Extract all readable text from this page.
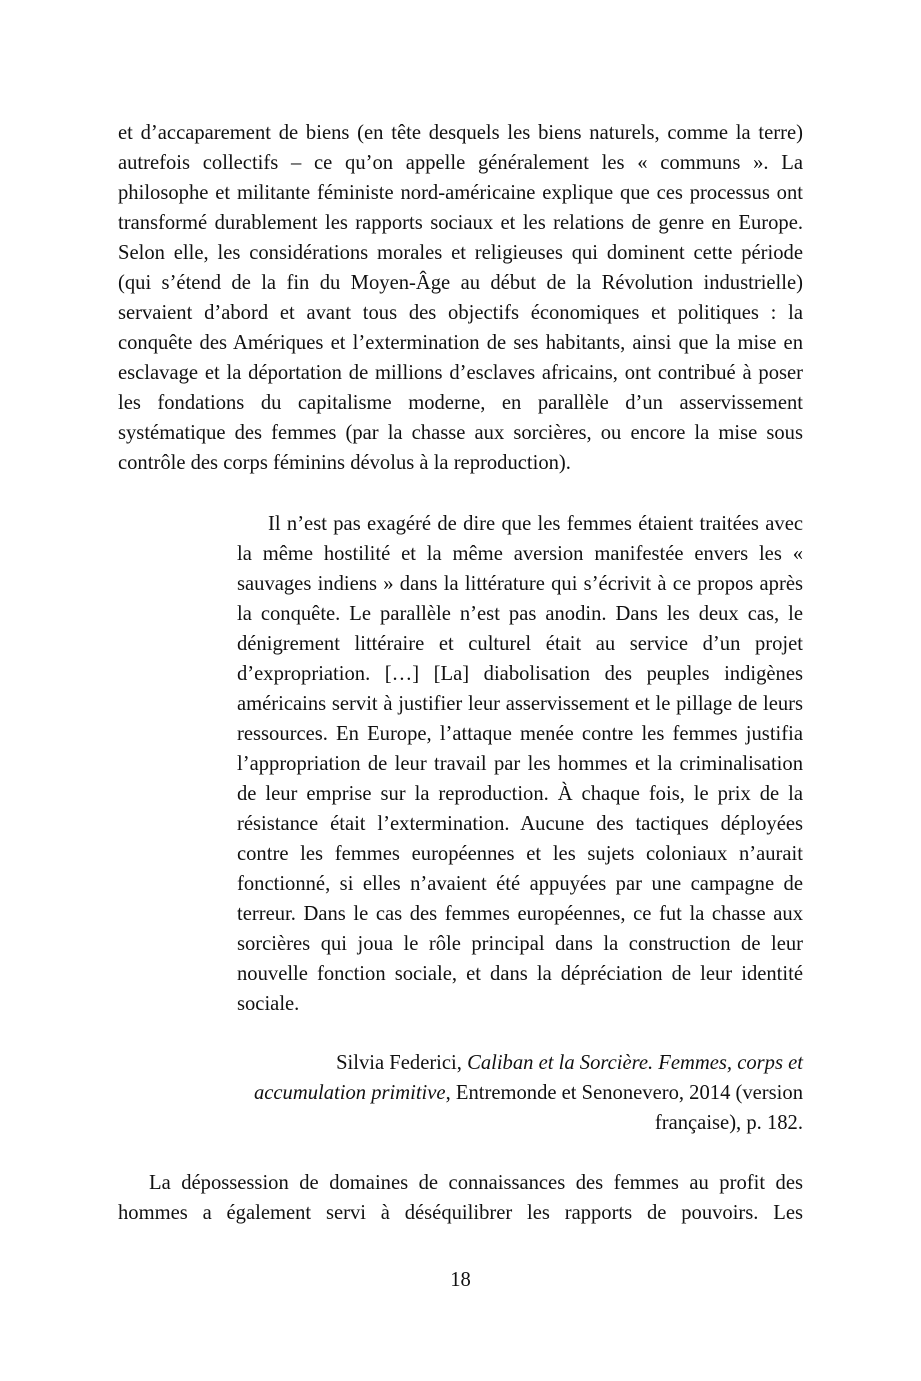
et d’accaparement de biens (en tête desquels les biens naturels, comme la terre) autrefois collectifs – ce qu’on appelle généralement les « communs ». La philosophe et militante féministe nord-américaine explique que ces processus ont transformé durablement les rapports sociaux et les relations de genre en Europe. Selon elle, les considérations morales et religieuses qui dominent cette période (qui s’étend de la fin du Moyen-Âge au début de la Révolution industrielle) servaient d’abord et avant tous des objectifs économiques et politiques : la conquête des Amériques et l’extermination de ses habitants, ainsi que la mise en esclavage et la déportation de millions d’esclaves africains, ont contribué à poser les fondations du capitalisme moderne, en parallèle d’un asservissement systématique des femmes (par la chasse aux sorcières, ou encore la mise sous contrôle des corps féminins dévolus à la reproduction).

Il n’est pas exagéré de dire que les femmes étaient traitées avec la même hostilité et la même aversion manifestée envers les « sauvages indiens » dans la littérature qui s’écrivit à ce propos après la conquête. Le parallèle n’est pas anodin. Dans les deux cas, le dénigrement littéraire et culturel était au service d’un projet d’expropriation. […] [La] diabolisation des peuples indigènes américains servit à justifier leur asservissement et le pillage de leurs ressources. En Europe, l’attaque menée contre les femmes justifia l’appropriation de leur travail par les hommes et la criminalisation de leur emprise sur la reproduction. À chaque fois, le prix de la résistance était l’extermination. Aucune des tactiques déployées contre les femmes européennes et les sujets coloniaux n’aurait fonctionné, si elles n’avaient été appuyées par une campagne de terreur. Dans le cas des femmes européennes, ce fut la chasse aux sorcières qui joua le rôle principal dans la construction de leur nouvelle fonction sociale, et dans la dépréciation de leur identité sociale.

Silvia Federici, Caliban et la Sorcière. Femmes, corps et accumulation primitive, Entremonde et Senonevero, 2014 (version française), p. 182.

La dépossession de domaines de connaissances des femmes au profit des hommes a également servi à déséquilibrer les rapports de pouvoirs. Les

18
